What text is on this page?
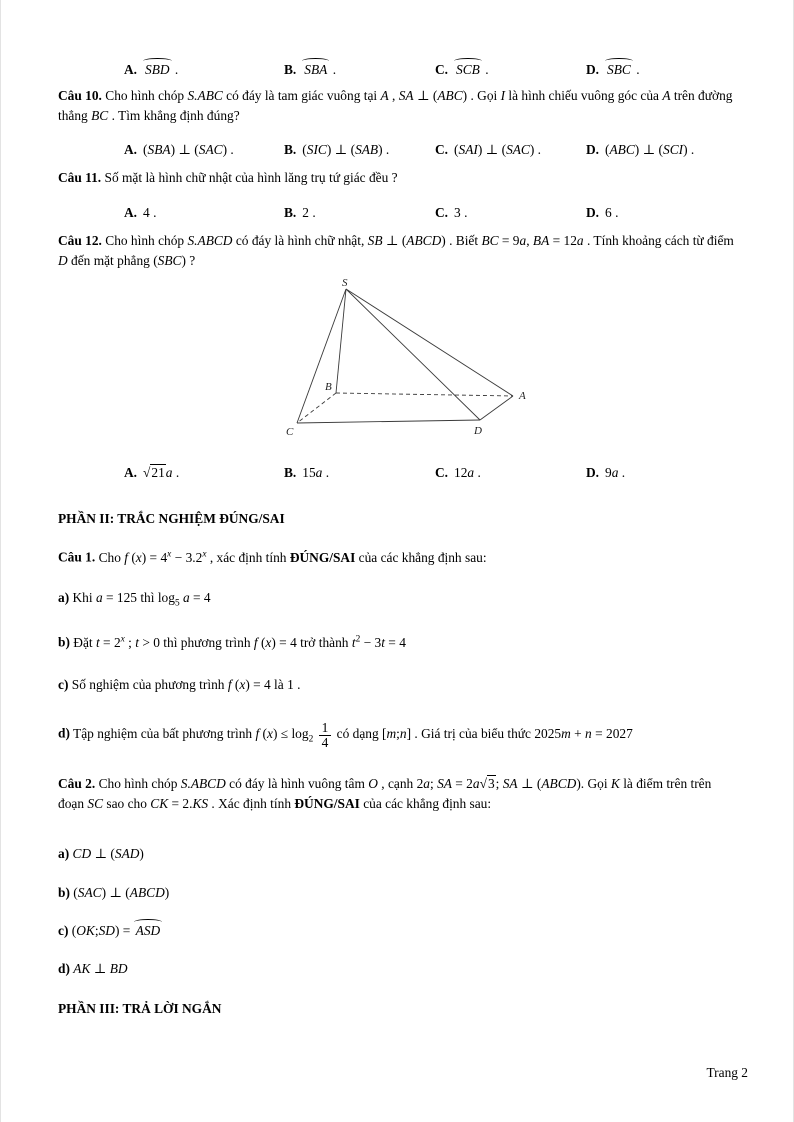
A. SBD .	B. SBA .	C. SCB .	D. SBC .

Câu 10. Cho hình chóp S.ABC có đáy là tam giác vuông tại A , SA ⊥ (ABC) . Gọi I là hình chiếu vuông góc của A trên đường thẳng BC . Tìm khẳng định đúng?

A. (SBA) ⊥ (SAC) .	B. (SIC) ⊥ (SAB) .	C. (SAI) ⊥ (SAC) .	D. (ABC) ⊥ (SCI) .

Câu 11. Số mặt là hình chữ nhật của hình lăng trụ tứ giác đều ?

A. 4 .	B. 2 .	C. 3 .	D. 6 .

Câu 12. Cho hình chóp S.ABCD có đáy là hình chữ nhật, SB ⊥ (ABCD) . Biết BC = 9a, BA = 12a . Tính khoảng cách từ điểm D đến mặt phẳng (SBC) ?

S
B
C	D
A
A. √21a .	B. 15a .	C. 12a .	D. 9a .

PHẦN II: TRẮC NGHIỆM ĐÚNG/SAI

Câu 1. Cho f $(x) = 4^x - 3.2^x$ , xác định tính ĐÚNG/SAI của các khẳng định sau:

a) Khi a = 125 thì $\log_5 a = 4$

b) Đặt $t = 2^x$ ; t > 0 thì phương trình f (x) = 4 trở thành $t^2 - 3t = 4$

c) Số nghiệm của phương trình f (x) = 4 là 1 .

d) Tập nghiệm của bất phương trình f $(x) \le \log_2 \frac{1}{4}$ có dạng [m;n] . Giá trị của biểu thức 2025m + n = 2027

Câu 2. Cho hình chóp S.ABCD có đáy là hình vuông tâm O , cạnh 2a; SA = 2a√3; SA ⊥ (ABCD). Gọi K là điểm trên trên đoạn SC sao cho CK = 2.KS . Xác định tính ĐÚNG/SAI của các khẳng định sau:

a) CD ⊥ (SAD)

b) (SAC) ⊥ (ABCD)

c) (OK;SD) = ASD

d) AK ⊥ BD

PHẦN III: TRẢ LỜI NGẮN

Trang 2
